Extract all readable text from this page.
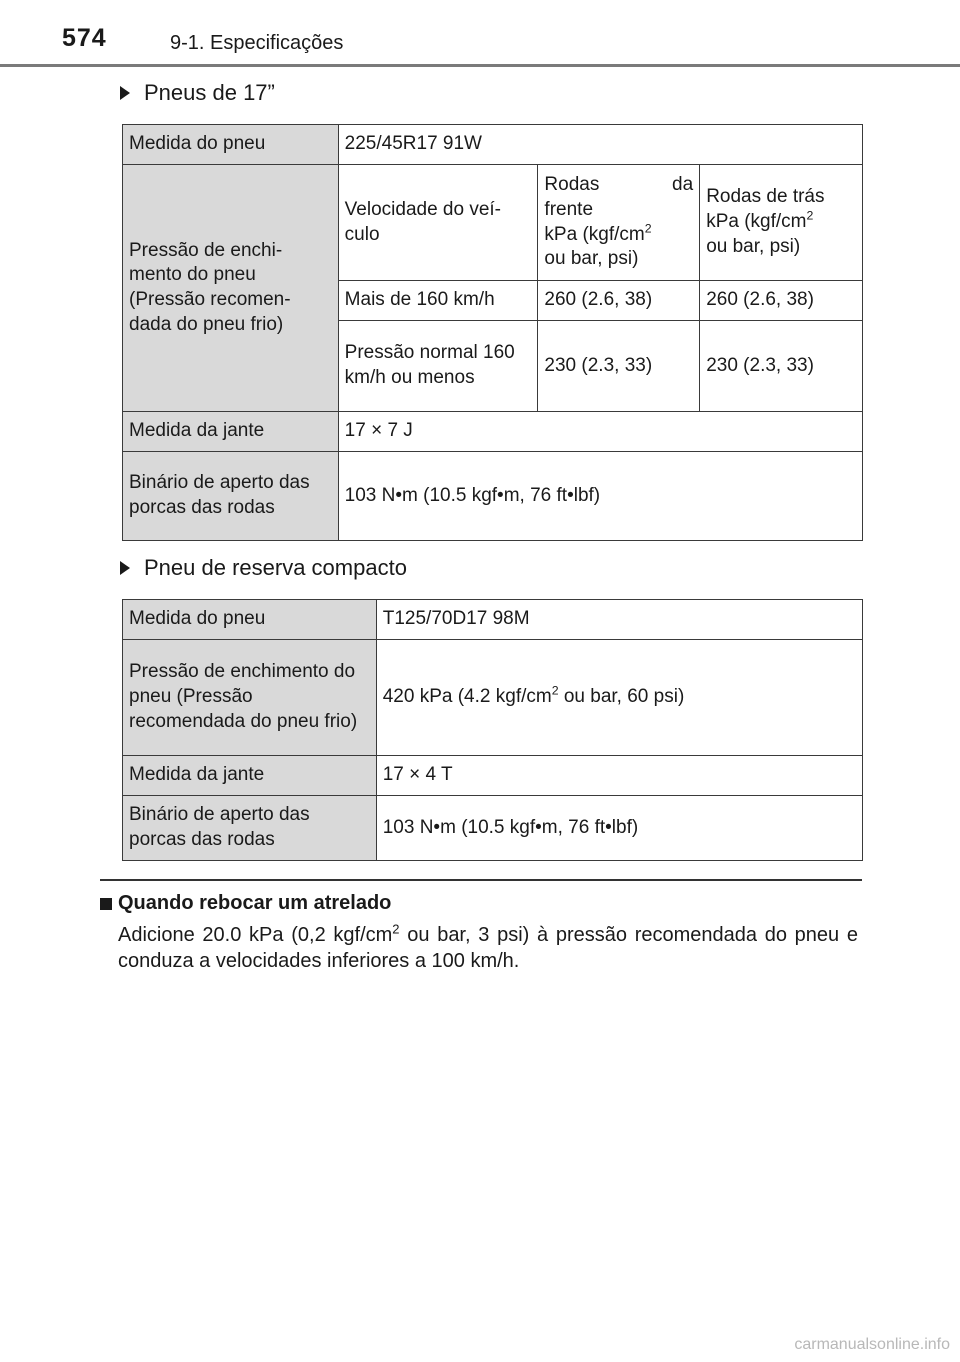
574	9-1. Especificações
Pneus de 17”
Medida do pneu	225/45R17 91W		
Pressão de enchi- mento do pneu (Pressão recomen- dada do pneu frio)	Velocidade do veí- culo	Rodas da
frente
kPa ($kgf/cm^2$
ou bar, psi)	Rodas de trás
kPa ($kgf/cm^2$
ou bar, psi)
	Mais de 160 km/h	260 (2.6, 38)	260 (2.6, 38)
	Pressão normal 160 km/h ou menos	230 (2.3, 33)	230 (2.3, 33)
Medida da jante	17 × 7 J		
Binário de aperto das porcas das rodas	103 N•m (10.5 kgf•m, 76 ft•lbf)		
Pneu de reserva compacto
Medida do pneu	T125/70D17 98M
Pressão de enchimento do pneu (Pressão recomendada do pneu frio)	420 kPa (4.2 kgf/$cm^2$ ou bar, 60 psi)
Medida da jante	17 × 4 T
Binário de aperto das porcas das rodas	103 N•m (10.5 kgf•m, 76 ft•lbf)
Quando rebocar um atrelado
Adicione 20.0 kPa (0,2 kgf/$cm^2$ ou bar, 3 psi) à pressão recomendada do pneu e conduza a velocidades inferiores a 100 km/h.
carmanualsonline.info
